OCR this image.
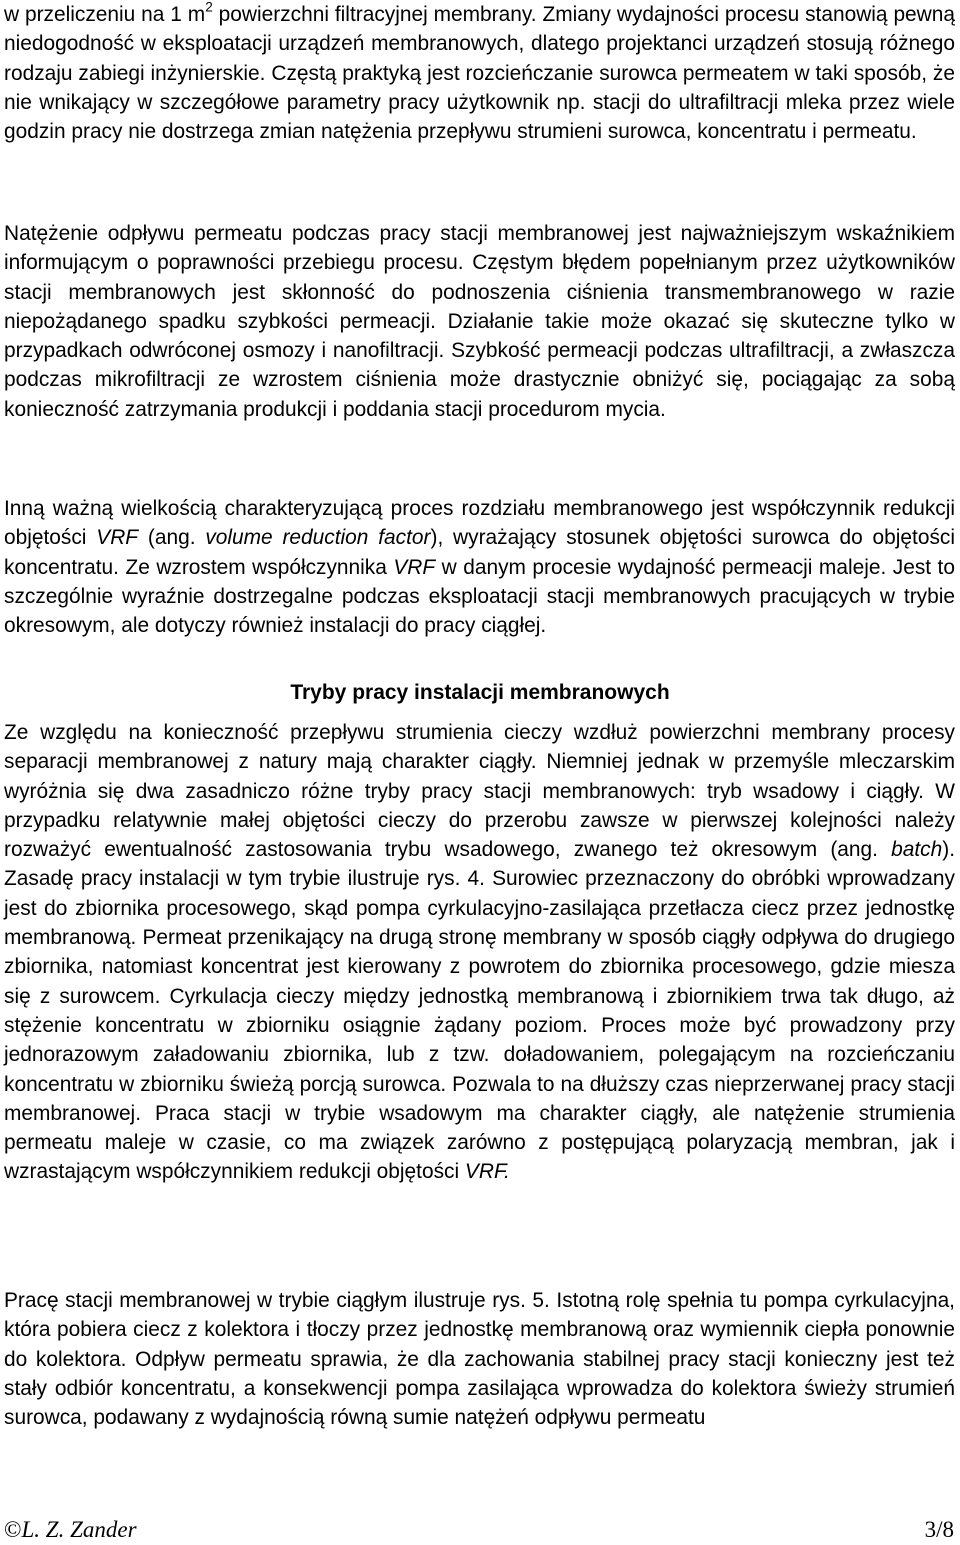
w przeliczeniu na 1 $m^2$ powierzchni filtracyjnej membrany. Zmiany wydajności procesu stanowią pewną niedogodność w eksploatacji urządzeń membranowych, dlatego projektanci urządzeń stosują różnego rodzaju zabiegi inżynierskie. Częstą praktyką jest rozcieńczanie surowca permeatem w taki sposób, że nie wnikający w szczegółowe parametry pracy użytkownik np. stacji do ultrafiltracji mleka przez wiele godzin pracy nie dostrzega zmian natężenia przepływu strumieni surowca, koncentratu i permeatu.

Natężenie odpływu permeatu podczas pracy stacji membranowej jest najważniejszym wskaźnikiem informującym o poprawności przebiegu procesu. Częstym błędem popełnianym przez użytkowników stacji membranowych jest skłonność do podnoszenia ciśnienia transmembranowego w razie niepożądanego spadku szybkości permeacji. Działanie takie może okazać się skuteczne tylko w przypadkach odwróconej osmozy i nanofiltracji. Szybkość permeacji podczas ultrafiltracji, a zwłaszcza podczas mikrofiltracji ze wzrostem ciśnienia może drastycznie obniżyć się, pociągając za sobą konieczność zatrzymania produkcji i poddania stacji procedurom mycia.

Inną ważną wielkością charakteryzującą proces rozdziału membranowego jest współczynnik redukcji objętości VRF (ang. volume reduction factor), wyrażający stosunek objętości surowca do objętości koncentratu. Ze wzrostem współczynnika VRF w danym procesie wydajność permeacji maleje. Jest to szczególnie wyraźnie dostrzegalne podczas eksploatacji stacji membranowych pracujących w trybie okresowym, ale dotyczy również instalacji do pracy ciągłej.

Tryby pracy instalacji membranowych

Ze względu na konieczność przepływu strumienia cieczy wzdłuż powierzchni membrany procesy separacji membranowej z natury mają charakter ciągły. Niemniej jednak w przemyśle mleczarskim wyróżnia się dwa zasadniczo różne tryby pracy stacji membranowych: tryb wsadowy i ciągły. W przypadku relatywnie małej objętości cieczy do przerobu zawsze w pierwszej kolejności należy rozważyć ewentualność zastosowania trybu wsadowego, zwanego też okresowym (ang. batch). Zasadę pracy instalacji w tym trybie ilustruje rys. 4. Surowiec przeznaczony do obróbki wprowadzany jest do zbiornika procesowego, skąd pompa cyrkulacyjno-zasilająca przetłacza ciecz przez jednostkę membranową. Permeat przenikający na drugą stronę membrany w sposób ciągły odpływa do drugiego zbiornika, natomiast koncentrat jest kierowany z powrotem do zbiornika procesowego, gdzie miesza się z surowcem. Cyrkulacja cieczy między jednostką membranową i zbiornikiem trwa tak długo, aż stężenie koncentratu w zbiorniku osiągnie żądany poziom. Proces może być prowadzony przy jednorazowym załadowaniu zbiornika, lub z tzw. doładowaniem, polegającym na rozcieńczaniu koncentratu w zbiorniku świeżą porcją surowca. Pozwala to na dłuższy czas nieprzerwanej pracy stacji membranowej. Praca stacji w trybie wsadowym ma charakter ciągły, ale natężenie strumienia permeatu maleje w czasie, co ma związek zarówno z postępującą polaryzacją membran, jak i wzrastającym współczynnikiem redukcji objętości VRF.

Pracę stacji membranowej w trybie ciągłym ilustruje rys. 5. Istotną rolę spełnia tu pompa cyrkulacyjna, która pobiera ciecz z kolektora i tłoczy przez jednostkę membranową oraz wymiennik ciepła ponownie do kolektora. Odpływ permeatu sprawia, że dla zachowania stabilnej pracy stacji konieczny jest też stały odbiór koncentratu, a konsekwencji pompa zasilająca wprowadza do kolektora świeży strumień surowca, podawany z wydajnością równą sumie natężeń odpływu permeatu

©L. Z. Zander	3/8
